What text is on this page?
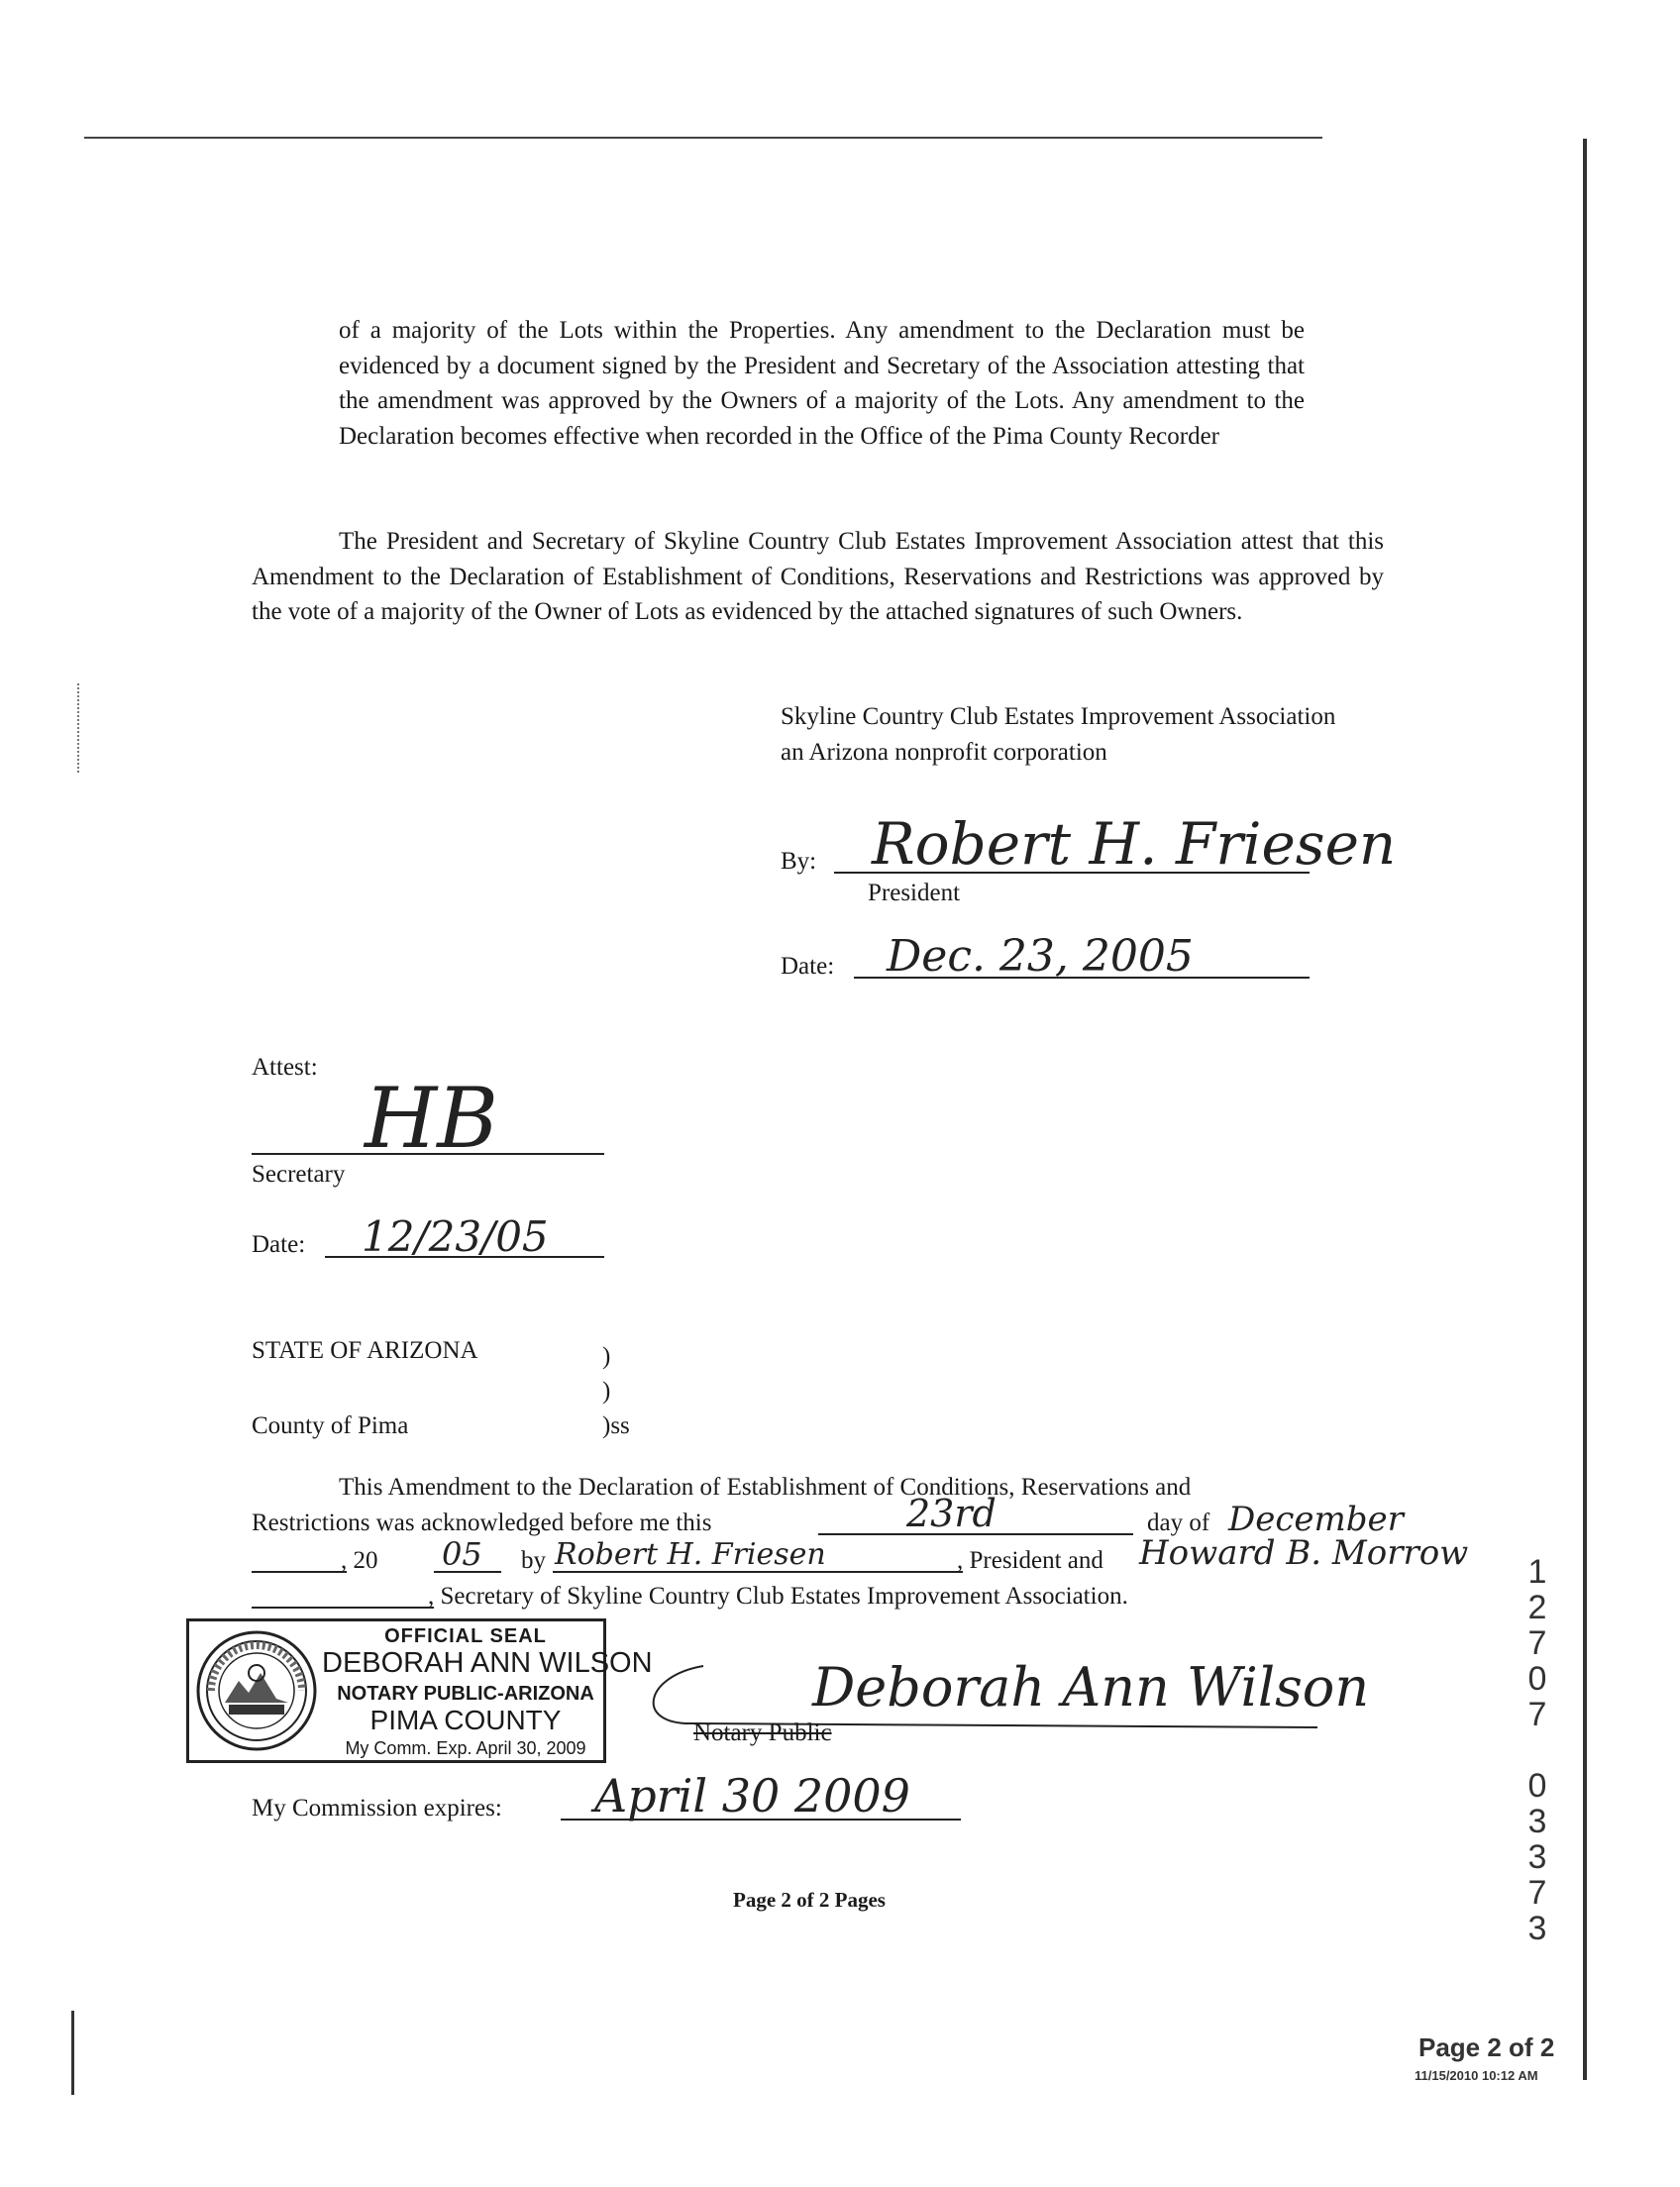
of a majority of the Lots within the Properties. Any amendment to the Declaration must be evidenced by a document signed by the President and Secretary of the Association attesting that the amendment was approved by the Owners of a majority of the Lots. Any amendment to the Declaration becomes effective when recorded in the Office of the Pima County Recorder
The President and Secretary of Skyline Country Club Estates Improvement Association attest that this Amendment to the Declaration of Establishment of Conditions, Reservations and Restrictions was approved by the vote of a majority of the Owner of Lots as evidenced by the attached signatures of such Owners.
Skyline Country Club Estates Improvement Association
an Arizona nonprofit corporation
By: Robert H. Friesen
President
Date: Dec. 23, 2005
Attest:
HB
Secretary
Date: 12/23/05
STATE OF ARIZONA	)
)
County of Pima	)ss
This Amendment to the Declaration of Establishment of Conditions, Reservations and
Restrictions was acknowledged before me this	23rd	day of December
, 20 05 by Robert H. Friesen	, President and Howard B. Morrow
, Secretary of Skyline Country Club Estates Improvement Association.	12707 03373
OFFICIAL SEAL
DEBORAH ANN WILSON
NOTARY PUBLIC-ARIZONA
PIMA COUNTY
My Comm. Exp. April 30, 2009
Deborah Ann Wilson
Notary Public
My Commission expires: April 30 2009
Page 2 of 2 Pages
Page 2 of 2
11/15/2010 10:12 AM
